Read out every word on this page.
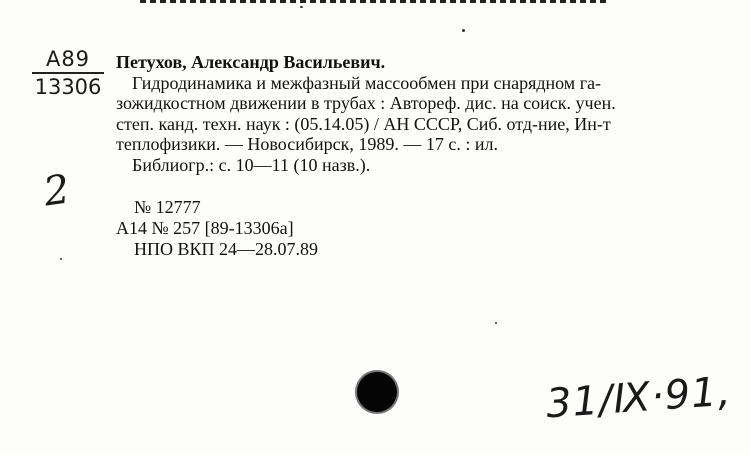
А89
13306
2
Петухов, Александр Васильевич.
Гидродинамика и межфазный массообмен при снарядном га-
зожидкостном движении в трубах : Автореф. дис. на соиск. учен.
степ. канд. техн. наук : (05.14.05) / АН СССР, Сиб. отд-ние, Ин-т
теплофизики. — Новосибирск, 1989. — 17 с. : ил.
Библиогр.: с. 10—11 (10 назв.).
№ 12777
А14 № 257 [89-13306а]
НПО ВКП 24—28.07.89
31/Ⅸ·91,
